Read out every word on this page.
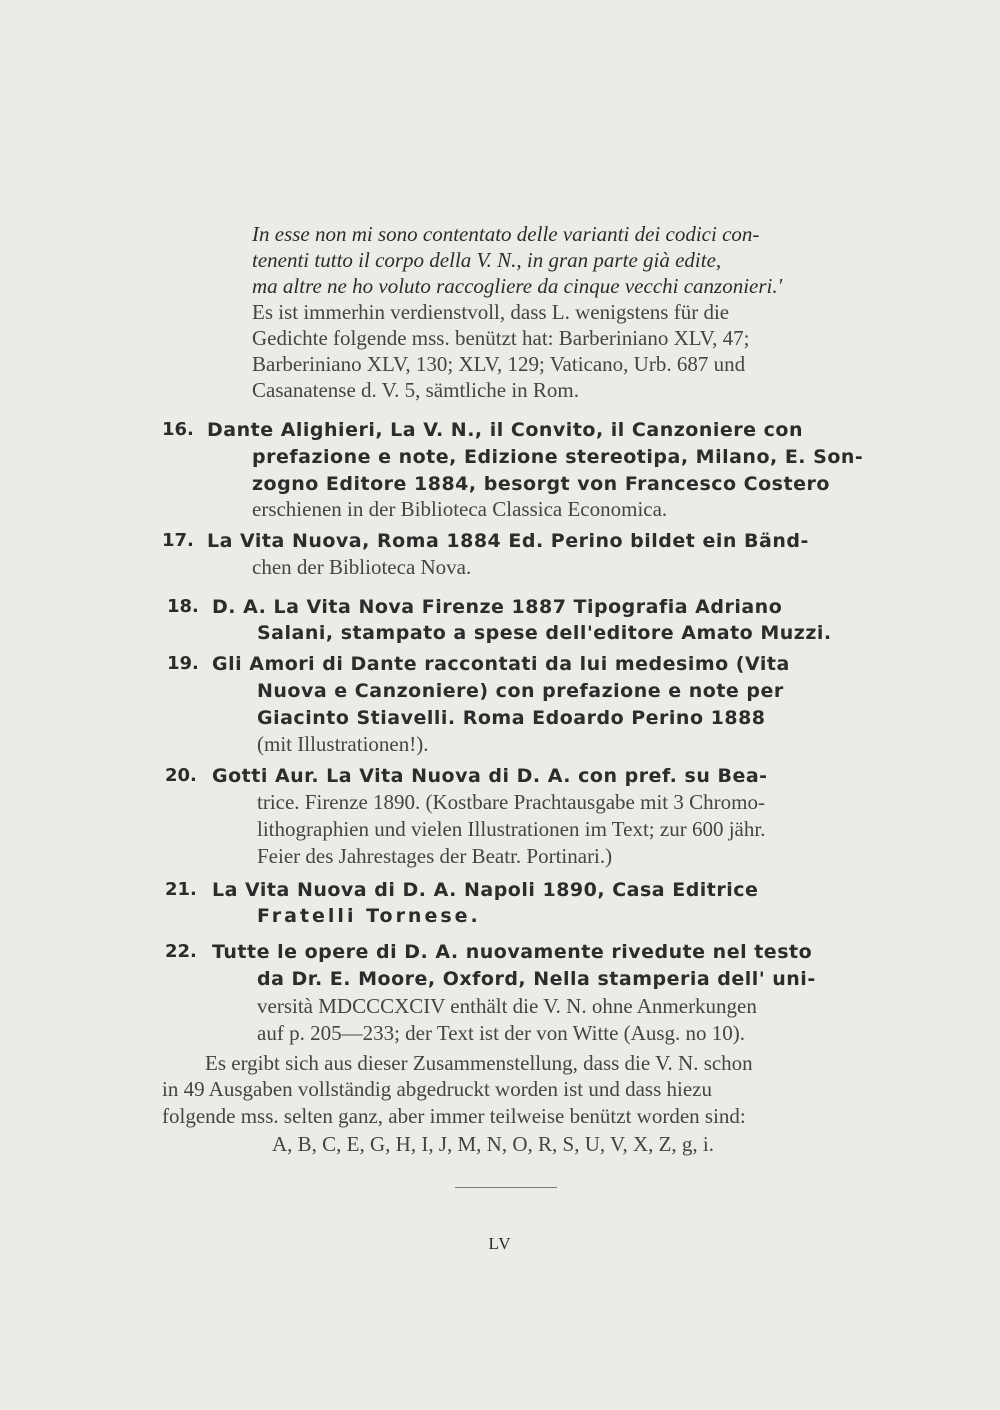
In esse non mi sono contentato delle varianti dei codici con-
tenenti tutto il corpo della V. N., in gran parte già edite,
ma altre ne ho voluto raccogliere da cinque vecchi canzonieri.'
Es ist immerhin verdienstvoll, dass L. wenigstens für die
Gedichte folgende mss. benützt hat: Barberiniano XLV, 47;
Barberiniano XLV, 130; XLV, 129; Vaticano, Urb. 687 und
Casanatense d. V. 5, sämtliche in Rom.
16. Dante Alighieri, La V. N., il Convito, il Canzoniere con
prefazione e note, Edizione stereotipa, Milano, E. Son-
zogno Editore 1884, besorgt von Francesco Costero
erschienen in der Biblioteca Classica Economica.
17. La Vita Nuova, Roma 1884 Ed. Perino bildet ein Bänd-
chen der Biblioteca Nova.
18. D. A. La Vita Nova Firenze 1887 Tipografia Adriano
Salani, stampato a spese dell'editore Amato Muzzi.
19. Gli Amori di Dante raccontati da lui medesimo (Vita
Nuova e Canzoniere) con prefazione e note per
Giacinto Stiavelli. Roma Edoardo Perino 1888
(mit Illustrationen!).
20. Gotti Aur. La Vita Nuova di D. A. con pref. su Bea-
trice. Firenze 1890. (Kostbare Prachtausgabe mit 3 Chromo-
lithographien und vielen Illustrationen im Text; zur 600 jähr.
Feier des Jahrestages der Beatr. Portinari.)
21. La Vita Nuova di D. A. Napoli 1890, Casa Editrice
Fratelli Tornese.
22. Tutte le opere di D. A. nuovamente rivedute nel testo
da Dr. E. Moore, Oxford, Nella stamperia dell' uni-
versità MDCCCXCIV enthält die V. N. ohne Anmerkungen
auf p. 205—233; der Text ist der von Witte (Ausg. no 10).
Es ergibt sich aus dieser Zusammenstellung, dass die V. N. schon
in 49 Ausgaben vollständig abgedruckt worden ist und dass hiezu
folgende mss. selten ganz, aber immer teilweise benützt worden sind:
A, B, C, E, G, H, I, J, M, N, O, R, S, U, V, X, Z, g, i.
LV
